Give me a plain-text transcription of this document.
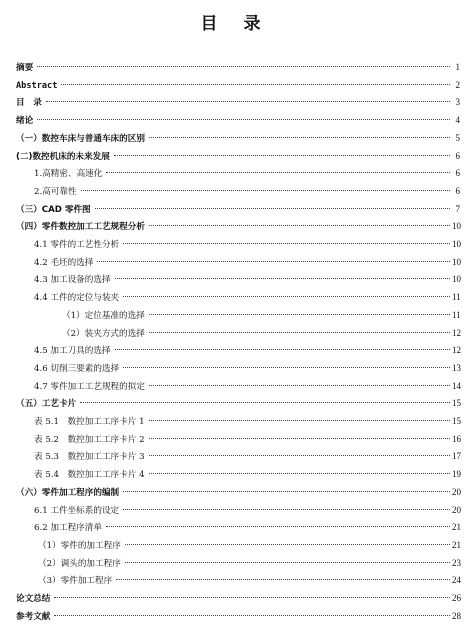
目 录
摘要	1
Abstract	2
目　录	3
绪论	4
（一）数控车床与普通车床的区别	5
(二)数控机床的未来发展	6
1.高精密、高速化	6
2.高可靠性	6
（三）CAD 零件图	7
（四）零件数控加工工艺规程分析	10
4.1 零件的工艺性分析	10
4.2 毛坯的选择	10
4.3 加工设备的选择	10
4.4 工件的定位与装夹	11
（1）定位基准的选择	11
（2）装夹方式的选择	12
4.5 加工刀具的选择	12
4.6 切削三要素的选择	13
4.7 零件加工工艺规程的拟定	14
（五）工艺卡片	15
表 5.1　数控加工工序卡片 1	15
表 5.2　数控加工工序卡片 2	16
表 5.3　数控加工工序卡片 3	17
表 5.4　数控加工工序卡片 4	19
（六）零件加工程序的编制	20
6.1 工件坐标系的设定	20
6.2 加工程序清单	21
（1）零件的加工程序	21
（2）调头的加工程序	23
（3）零件加工程序	24
论文总结	26
参考文献	28
